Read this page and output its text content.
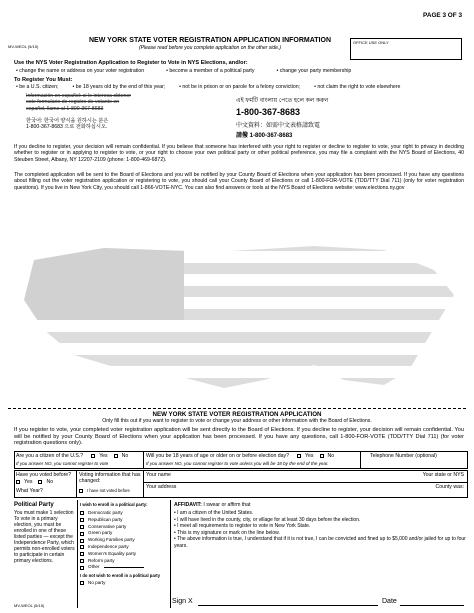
PAGE 3 OF 3
MV-WEOL (5/15)
NEW YORK STATE VOTER REGISTRATION APPLICATION INFORMATION
(Please read before you complete application on the other side.)
OFFICE USE ONLY
Use the NYS Voter Registration Application to Register to Vote in NYS Elections, and/or:
• change the name or address on your voter registration	• become a member of a political party	• change your party membership
To Register You Must:
• be a U.S. citizen;	• be 18 years old by the end of this year;	• not be in prison or on parole for a felony conviction;	• not claim the right to vote elsewhere
Información en español: si le interesa obtener
este formulario de registro de votante en
español, llame al 1-800-367-8683
한국어: 한국어 양식을 원하시는 분은
1-800-367-8683 으로 전화하십시오.
এই ফর্মটি বাংলায় পেতে হলে কল করুন
1-800-367-8683
中文資料：如需中文表格請致電
請撥 1-800-367-8683
If you decline to register, your decision will remain confidential. If you believe that someone has interfered with your right to register or decline to register to vote, your right to privacy in deciding whether to register or in applying to register to vote, or your right to choose your own political party or other political preference, you may file a complaint with the NYS Board of Elections, 40 Steuben Street, Albany, NY 12207-2109 (phone: 1-800-469-6872).
The completed application will be sent to the Board of Elections and you will be notified by your County Board of Elections when your application has been processed. If you have any questions about filling out the voter registration application or registering to vote, you should call your County Board of Elections or call 1-800-FOR-VOTE (TDD/TTY Dial 711) (only for voter registration questions). If you live in New York City, you should call 1-866-VOTE-NYC. You can also find answers or tools at the NYS Board of Elections website: www.elections.ny.gov
NEW YORK STATE VOTER REGISTRATION APPLICATION
Only fill this out if you want to register to vote or change your address or other information with the Board of Elections.
If you register to vote, your completed voter registration application will be sent directly to the Board of Elections. If you decline to register, your decision will remain confidential. You will be notified by your County Board of Elections when your application has been processed. If you have any questions, call 1-800-FOR-VOTE (TDD/TTY Dial 711) (for voter registration questions only).
Are you a citizen of the U.S.?	Yes	No
If you answer NO, you cannot register to vote
Will you be 18 years of age or older on or before election day?	Yes	No
If you answer NO, you cannot register to vote unless you will be 18 by the end of the year.
Telephone Number (optional)
Have you voted before?
Yes	No
What Year?
Voting information that has changed:
I have not voted before
Your name
Your address
Your state or NYS
County was:
Political Party
You must make 1 selection To vote in a primary election, you must be enrolled in one of these listed parties — except the Independence Party, which permits non-enrolled voters to participate in certain primary elections.
I wish to enroll in a political party:
Democratic party
Republican party
Conservative party
Green party
Working Families party
Independence party
Women's Equality party
Reform party
Other
I do not wish to enroll in a political party
No party
AFFIDAVIT: I swear or affirm that
• I am a citizen of the United States.
• I will have lived in the county, city, or village for at least 30 days before the election.
• I meet all requirements to register to vote in New York State.
• This is my signature or mark on the line below.
• The above information is true, I understand that if it is not true, I can be convicted and fined up to $5,000 and/or jailed for up to four years.
Sign X	Date
MV-WEOL (5/15)
